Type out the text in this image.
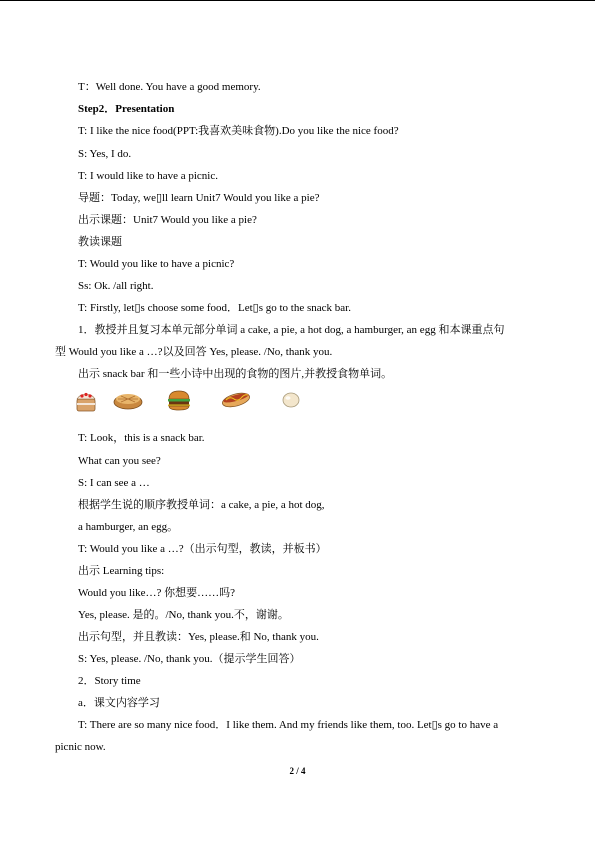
T：Well done. You have a good memory.
Step2．Presentation
T: I like the nice food(PPT:我喜欢美味食物).Do you like the nice food?
S: Yes, I do.
T: I would like to have a picnic.
导题：Today, we▯ll learn Unit7 Would you like a pie?
出示课题：Unit7 Would you like a pie?
教读课题
T: Would you like to have a picnic?
Ss: Ok. /all right.
T: Firstly, let▯s choose some food．Let▯s go to the snack bar.
1．教授并且复习本单元部分单词 a cake, a pie, a hot dog, a hamburger, an egg 和本课重点句
型 Would you like a …?以及回答 Yes, please. /No, thank you.
出示 snack bar 和一些小诗中出现的食物的图片,并教授食物单词。
T: Look，this is a snack bar.
What can you see?
S: I can see a …
根据学生说的顺序教授单词：a cake, a pie, a hot dog,
a hamburger, an egg。
T: Would you like a …?（出示句型，教读，并板书）
出示 Learning tips:
Would you like…? 你想要……吗?
Yes, please. 是的。/No, thank you.不，谢谢。
出示句型，并且教读：Yes, please.和 No, thank you.
S: Yes, please. /No, thank you.（提示学生回答）
2．Story time
a．课文内容学习
T: There are so many nice food．I like them. And my friends like them, too. Let▯s go to have a
picnic now.
2 / 4
